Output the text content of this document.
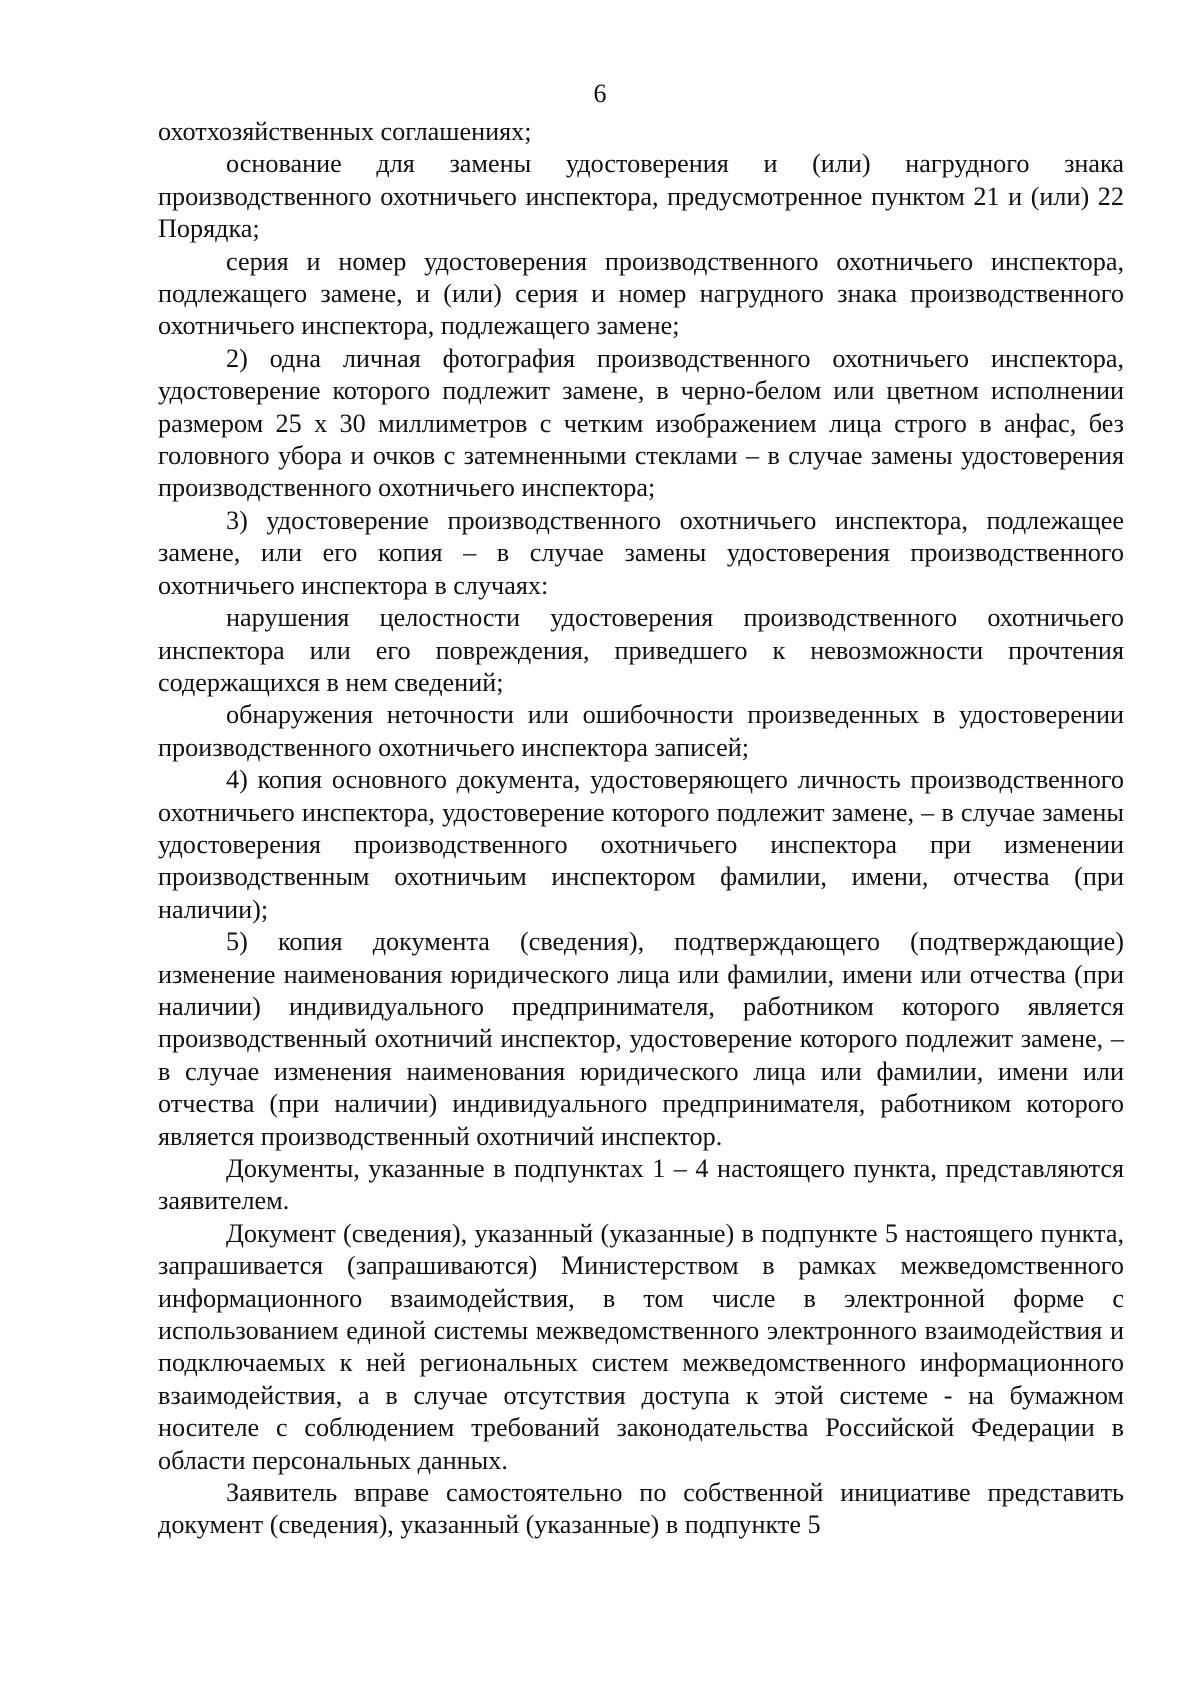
6

охотхозяйственных соглашениях;

основание для замены удостоверения и (или) нагрудного знака производственного охотничьего инспектора, предусмотренное пунктом 21 и (или) 22 Порядка;

серия и номер удостоверения производственного охотничьего инспектора, подлежащего замене, и (или) серия и номер нагрудного знака производственного охотничьего инспектора, подлежащего замене;

2) одна личная фотография производственного охотничьего инспектора, удостоверение которого подлежит замене, в черно-белом или цветном исполнении размером 25 х 30 миллиметров с четким изображением лица строго в анфас, без головного убора и очков с затемненными стеклами – в случае замены удостоверения производственного охотничьего инспектора;

3) удостоверение производственного охотничьего инспектора, подлежащее замене, или его копия – в случае замены удостоверения производственного охотничьего инспектора в случаях:

нарушения целостности удостоверения производственного охотничьего инспектора или его повреждения, приведшего к невозможности прочтения содержащихся в нем сведений;

обнаружения неточности или ошибочности произведенных в удостоверении производственного охотничьего инспектора записей;

4) копия основного документа, удостоверяющего личность производственного охотничьего инспектора, удостоверение которого подлежит замене, – в случае замены удостоверения производственного охотничьего инспектора при изменении производственным охотничьим инспектором фамилии, имени, отчества (при наличии);

5) копия документа (сведения), подтверждающего (подтверждающие) изменение наименования юридического лица или фамилии, имени или отчества (при наличии) индивидуального предпринимателя, работником которого является производственный охотничий инспектор, удостоверение которого подлежит замене, – в случае изменения наименования юридического лица или фамилии, имени или отчества (при наличии) индивидуального предпринимателя, работником которого является производственный охотничий инспектор.

Документы, указанные в подпунктах 1 – 4 настоящего пункта, представляются заявителем.

Документ (сведения), указанный (указанные) в подпункте 5 настоящего пункта, запрашивается (запрашиваются) Министерством в рамках межведомственного информационного взаимодействия, в том числе в электронной форме с использованием единой системы межведомственного электронного взаимодействия и подключаемых к ней региональных систем межведомственного информационного взаимодействия, а в случае отсутствия доступа к этой системе - на бумажном носителе с соблюдением требований законодательства Российской Федерации в области персональных данных.

Заявитель вправе самостоятельно по собственной инициативе представить документ (сведения), указанный (указанные) в подпункте 5
